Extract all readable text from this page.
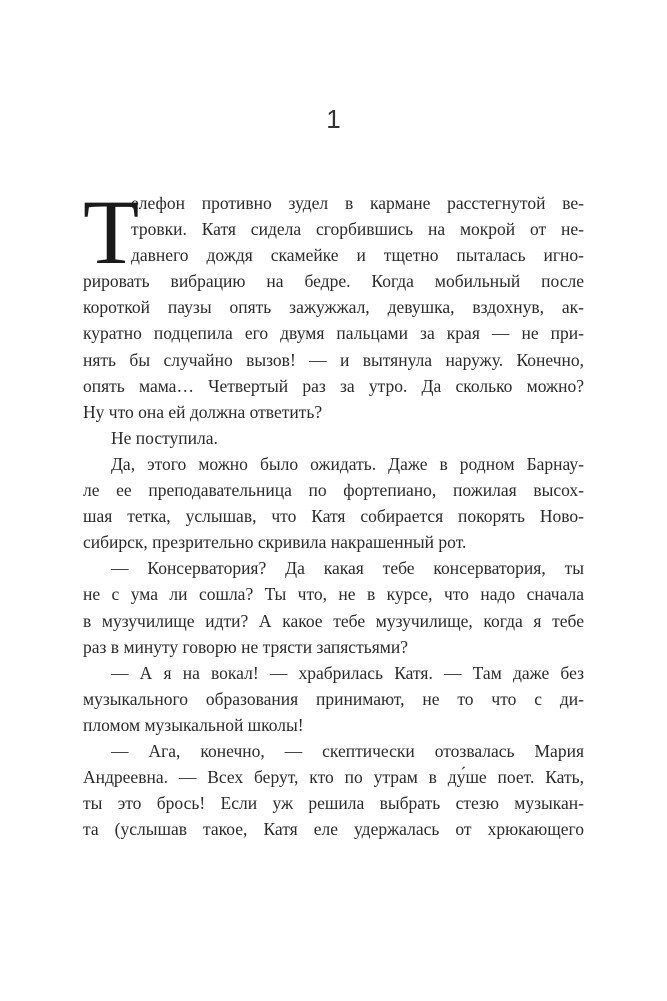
1
Т
елефон противно зудел в кармане расстегнутой ве-
тровки. Катя сидела сгорбившись на мокрой от не-
давнего дождя скамейке и тщетно пыталась игно-
рировать вибрацию на бедре. Когда мобильный после
короткой паузы опять зажужжал, девушка, вздохнув, ак-
куратно подцепила его двумя пальцами за края — не при-
нять бы случайно вызов! — и вытянула наружу. Конечно,
опять мама… Четвертый раз за утро. Да сколько можно?
Ну что она ей должна ответить?
Не поступила.
Да, этого можно было ожидать. Даже в родном Барнау-
ле ее преподавательница по фортепиано, пожилая высох-
шая тетка, услышав, что Катя собирается покорять Ново-
сибирск, презрительно скривила накрашенный рот.
— Консерватория? Да какая тебе консерватория, ты
не с ума ли сошла? Ты что, не в курсе, что надо сначала
в музучилище идти? А какое тебе музучилище, когда я тебе
раз в минуту говорю не трясти запястьями?
— А я на вокал! — храбрилась Катя. — Там даже без
музыкального образования принимают, не то что с ди-
пломом музыкальной школы!
— Ага, конечно, — скептически отозвалась Мария
Андреевна. — Всех берут, кто по утрам в ду́ше поет. Кать,
ты это брось! Если уж решила выбрать стезю музыкан-
та (услышав такое, Катя еле удержалась от хрюкающего
